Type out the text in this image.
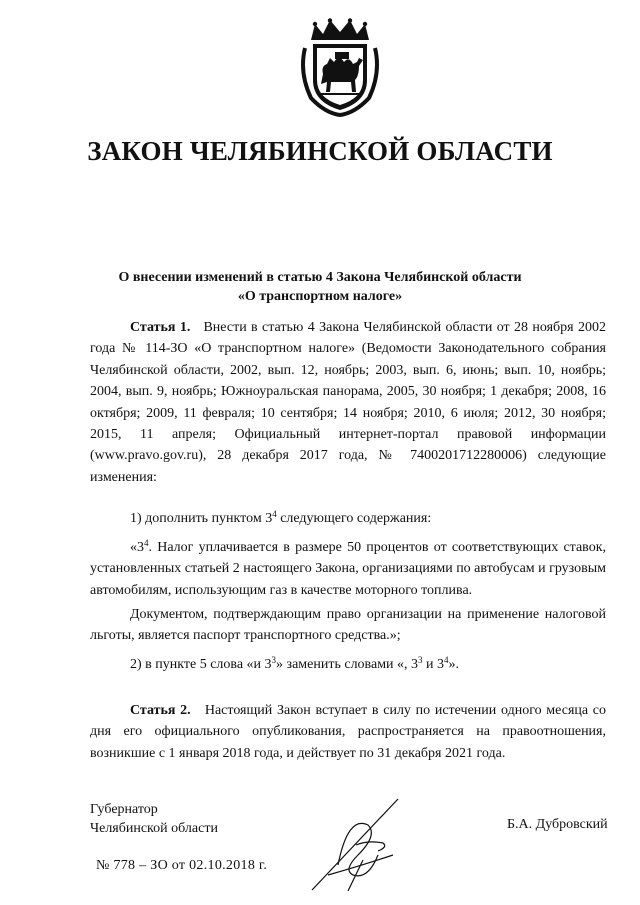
ЗАКОН ЧЕЛЯБИНСКОЙ ОБЛАСТИ
О внесении изменений в статью 4 Закона Челябинской области
«О транспортном налоге»
Статья 1. Внести в статью 4 Закона Челябинской области от 28 ноября 2002 года № 114-ЗО «О транспортном налоге» (Ведомости Законодательного собрания Челябинской области, 2002, вып. 12, ноябрь; 2003, вып. 6, июнь; вып. 10, ноябрь; 2004, вып. 9, ноябрь; Южноуральская панорама, 2005, 30 ноября; 1 декабря; 2008, 16 октября; 2009, 11 февраля; 10 сентября; 14 ноября; 2010, 6 июля; 2012, 30 ноября; 2015, 11 апреля; Официальный интернет-портал правовой информации (www.pravo.gov.ru), 28 декабря 2017 года, № 7400201712280006) следующие изменения:
1) дополнить пунктом $3^4$ следующего содержания:
«$3^4$. Налог уплачивается в размере 50 процентов от соответствующих ставок, установленных статьей 2 настоящего Закона, организациями по автобусам и грузовым автомобилям, использующим газ в качестве моторного топлива.
Документом, подтверждающим право организации на применение налоговой льготы, является паспорт транспортного средства.»;
2) в пункте 5 слова «и $3^3$» заменить словами «, $3^3$ и $3^4$».
Статья 2. Настоящий Закон вступает в силу по истечении одного месяца со дня его официального опубликования, распространяется на правоотношения, возникшие с 1 января 2018 года, и действует по 31 декабря 2021 года.
Губернатор
Челябинской области	Б.А. Дубровский
№ 778 – ЗО от 02.10.2018 г.
